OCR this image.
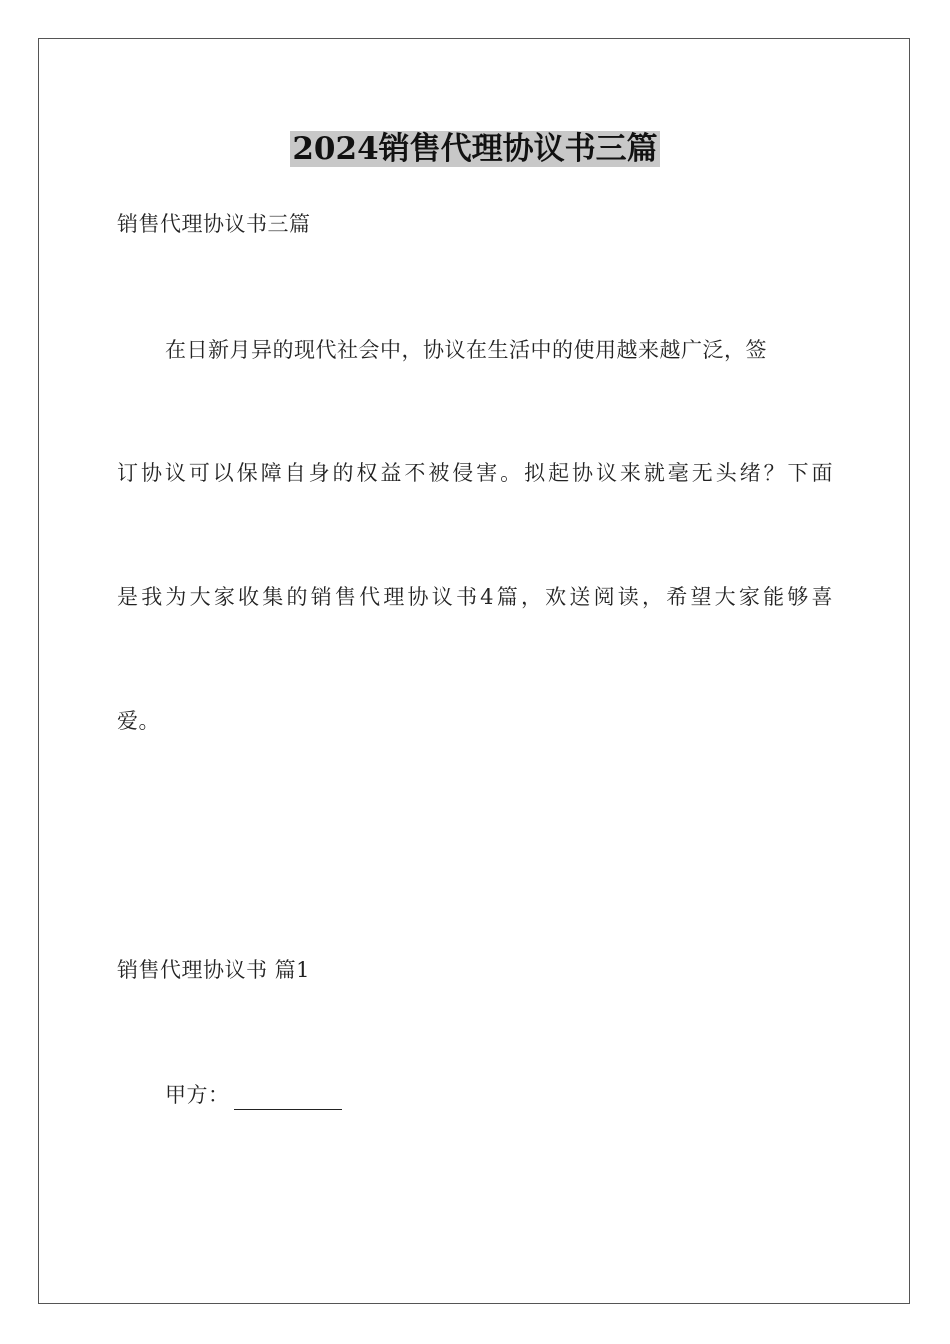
2024销售代理协议书三篇
销售代理协议书三篇
在日新月异的现代社会中，协议在生活中的使用越来越广泛，签
订协议可以保障自身的权益不被侵害。拟起协议来就毫无头绪？下面
是我为大家收集的销售代理协议书4篇，欢送阅读，希望大家能够喜
爱。
销售代理协议书 篇1
甲方：
